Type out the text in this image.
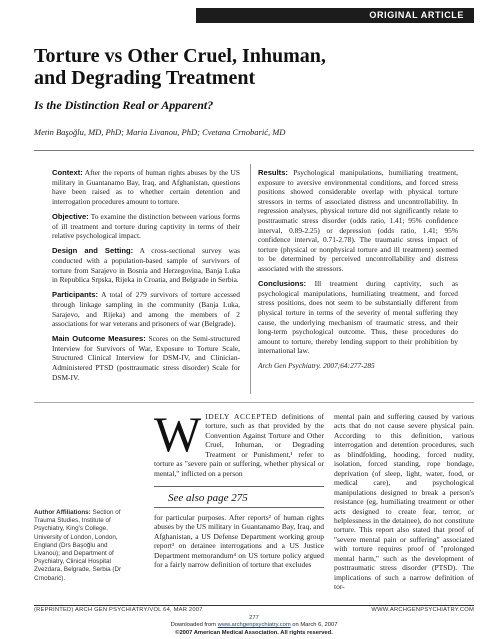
ORIGINAL ARTICLE
Torture vs Other Cruel, Inhuman,
and Degrading Treatment
Is the Distinction Real or Apparent?
Metin Başoğlu, MD, PhD; Maria Livanou, PhD; Cvetana Crnobarić, MD

Context: After the reports of human rights abuses by the US military in Guantanamo Bay, Iraq, and Afghanistan, questions have been raised as to whether certain detention and interrogation procedures amount to torture.

Objective: To examine the distinction between various forms of ill treatment and torture during captivity in terms of their relative psychological impact.

Design and Setting: A cross-sectional survey was conducted with a population-based sample of survivors of torture from Sarajevo in Bosnia and Herzegovina, Banja Luka in Republica Srpska, Rijeka in Croatia, and Belgrade in Serbia.

Participants: A total of 279 survivors of torture accessed through linkage sampling in the community (Banja Luka, Sarajevo, and Rijeka) and among the members of 2 associations for war veterans and prisoners of war (Belgrade).

Main Outcome Measures: Scores on the Semi-structured Interview for Survivors of War, Exposure to Torture Scale, Structured Clinical Interview for DSM-IV, and Clinician-Administered PTSD (posttraumatic stress disorder) Scale for DSM-IV.

Results: Psychological manipulations, humiliating treatment, exposure to aversive environmental conditions, and forced stress positions showed considerable overlap with physical torture stressors in terms of associated distress and uncontrollability. In regression analyses, physical torture did not significantly relate to posttraumatic stress disorder (odds ratio, 1.41; 95% confidence interval, 0.89-2.25) or depression (odds ratio, 1.41; 95% confidence interval, 0.71-2.78). The traumatic stress impact of torture (physical or nonphysical torture and ill treatment) seemed to be determined by perceived uncontrollability and distress associated with the stressors.

Conclusions: Ill treatment during captivity, such as psychological manipulations, humiliating treatment, and forced stress positions, does not seem to be substantially different from physical torture in terms of the severity of mental suffering they cause, the underlying mechanism of traumatic stress, and their long-term psychological outcome. Thus, these procedures do amount to torture, thereby lending support to their prohibition by international law.

Arch Gen Psychiatry. 2007;64:277-285

WIDELY ACCEPTED definitions of torture, such as that provided by the Convention Against Torture and Other Cruel, Inhuman, or Degrading Treatment or Punishment,¹ refer to torture as "severe pain or suffering, whether physical or mental," inflicted on a person
See also page 275
for particular purposes. After reports² of human rights abuses by the US military in Guantanamo Bay, Iraq, and Afghanistan, a US Defense Department working group report³ on detainee interrogations and a US Justice Department memorandum⁴ on US torture policy argued for a fairly narrow definition of torture that excludes
mental pain and suffering caused by various acts that do not cause severe physical pain. According to this definition, various interrogation and detention procedures, such as blindfolding, hooding, forced nudity, isolation, forced standing, rope bondage, deprivation (of sleep, light, water, food, or medical care), and psychological manipulations designed to break a person's resistance (eg, humiliating treatment or other acts designed to create fear, terror, or helplessness in the detainee), do not constitute torture. This report also stated that proof of "severe mental pain or suffering" associated with torture requires proof of "prolonged mental harm," such as the development of posttraumatic stress disorder (PTSD). The implications of such a narrow definition of tor-
Author Affiliations: Section of Trauma Studies, Institute of Psychiatry, King's College, University of London, London, England (Drs Başoğlu and Livanou); and Department of Psychiatry, Clinical Hospital Zvezdara, Belgrade, Serbia (Dr Crnobarić).
(REPRINTED) ARCH GEN PSYCHIATRY/VOL 64, MAR 2007	WWW.ARCHGENPSYCHIATRY.COM
277
Downloaded from www.archgenpsychiatry.com on March 6, 2007
©2007 American Medical Association. All rights reserved.
